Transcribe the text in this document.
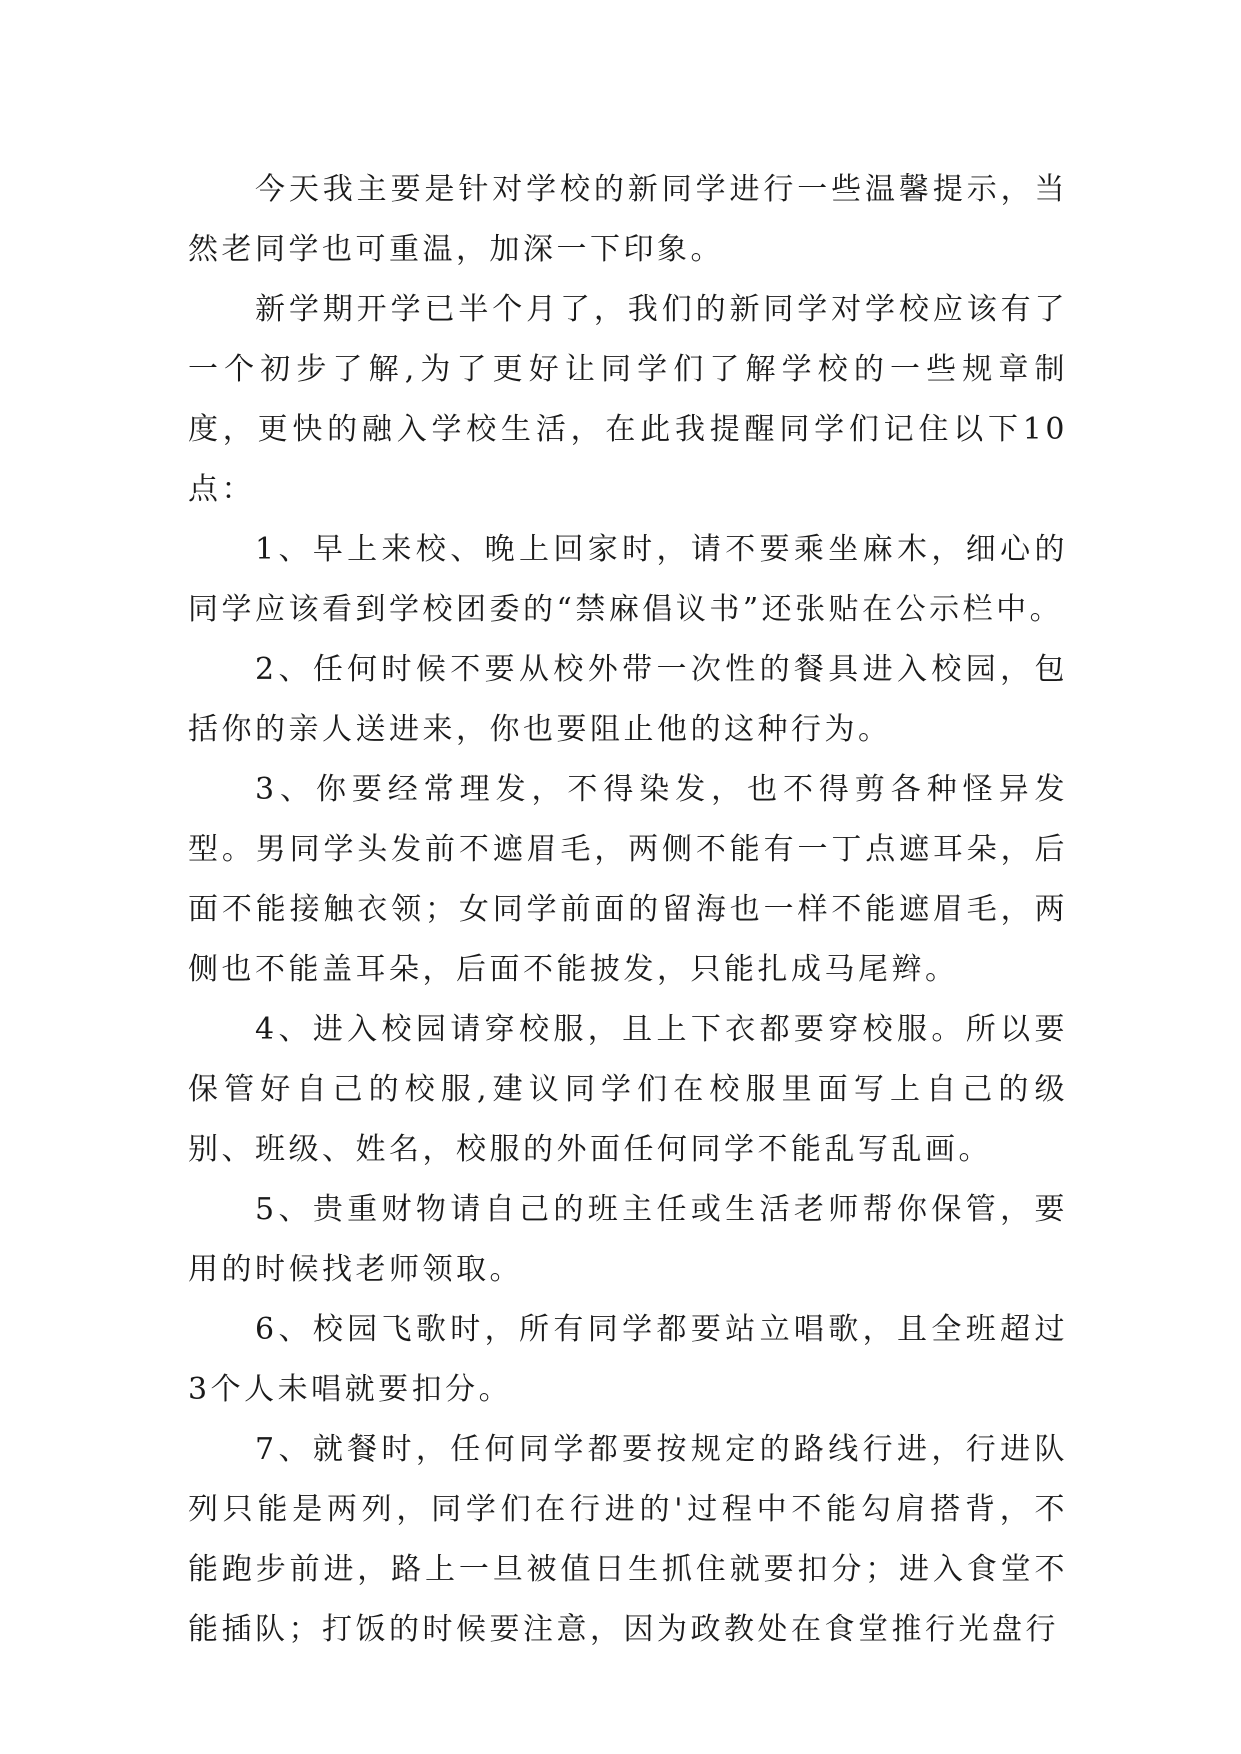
今天我主要是针对学校的新同学进行一些温馨提示，当然老同学也可重温，加深一下印象。

新学期开学已半个月了，我们的新同学对学校应该有了一个初步了解,为了更好让同学们了解学校的一些规章制度，更快的融入学校生活，在此我提醒同学们记住以下10点：

1、早上来校、晚上回家时，请不要乘坐麻木，细心的同学应该看到学校团委的“禁麻倡议书”还张贴在公示栏中。

2、任何时候不要从校外带一次性的餐具进入校园，包括你的亲人送进来，你也要阻止他的这种行为。

3、你要经常理发，不得染发，也不得剪各种怪异发型。男同学头发前不遮眉毛，两侧不能有一丁点遮耳朵，后面不能接触衣领；女同学前面的留海也一样不能遮眉毛，两侧也不能盖耳朵，后面不能披发，只能扎成马尾辫。

4、进入校园请穿校服，且上下衣都要穿校服。所以要保管好自己的校服,建议同学们在校服里面写上自己的级别、班级、姓名，校服的外面任何同学不能乱写乱画。

5、贵重财物请自己的班主任或生活老师帮你保管，要用的时候找老师领取。

6、校园飞歌时，所有同学都要站立唱歌，且全班超过3个人未唱就要扣分。

7、就餐时，任何同学都要按规定的路线行进，行进队列只能是两列，同学们在行进的'过程中不能勾肩搭背，不能跑步前进，路上一旦被值日生抓住就要扣分；进入食堂不能插队；打饭的时候要注意，因为政教处在食堂推行光盘行
